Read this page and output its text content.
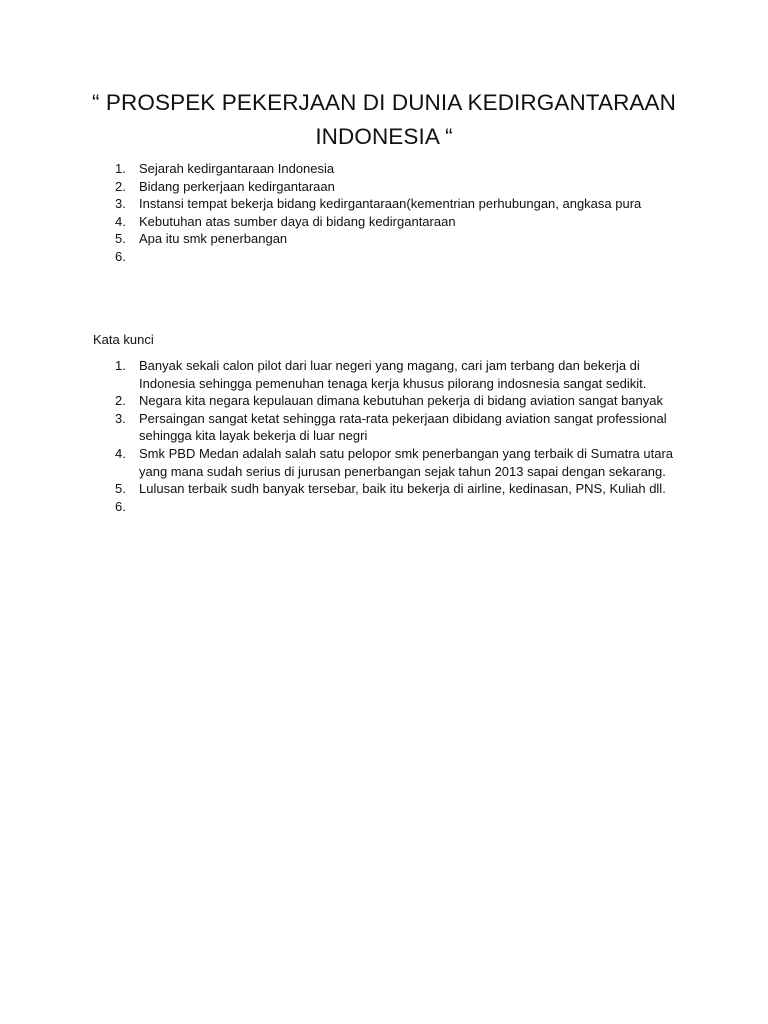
“ PROSPEK PEKERJAAN DI DUNIA KEDIRGANTARAAN INDONESIA “
1.	Sejarah kedirgantaraan Indonesia
2.	Bidang perkerjaan kedirgantaraan
3.	Instansi tempat bekerja bidang kedirgantaraan(kementrian perhubungan, angkasa pura
4.	Kebutuhan atas sumber daya di bidang kedirgantaraan
5.	Apa itu smk penerbangan
6.

Kata kunci

1.	Banyak sekali calon pilot dari luar negeri yang magang, cari jam terbang dan bekerja di Indonesia sehingga pemenuhan tenaga kerja khusus pilorang indosnesia sangat sedikit.
2.	Negara kita negara kepulauan dimana kebutuhan pekerja di bidang aviation sangat banyak
3.	Persaingan sangat ketat sehingga rata-rata pekerjaan dibidang aviation sangat professional sehingga kita layak bekerja di luar negri
4.	Smk PBD Medan adalah salah satu pelopor smk penerbangan yang terbaik di Sumatra utara yang mana sudah serius di jurusan penerbangan sejak tahun 2013 sapai dengan sekarang.
5.	Lulusan terbaik sudh banyak tersebar, baik itu bekerja di airline, kedinasan, PNS, Kuliah dll.
6.
